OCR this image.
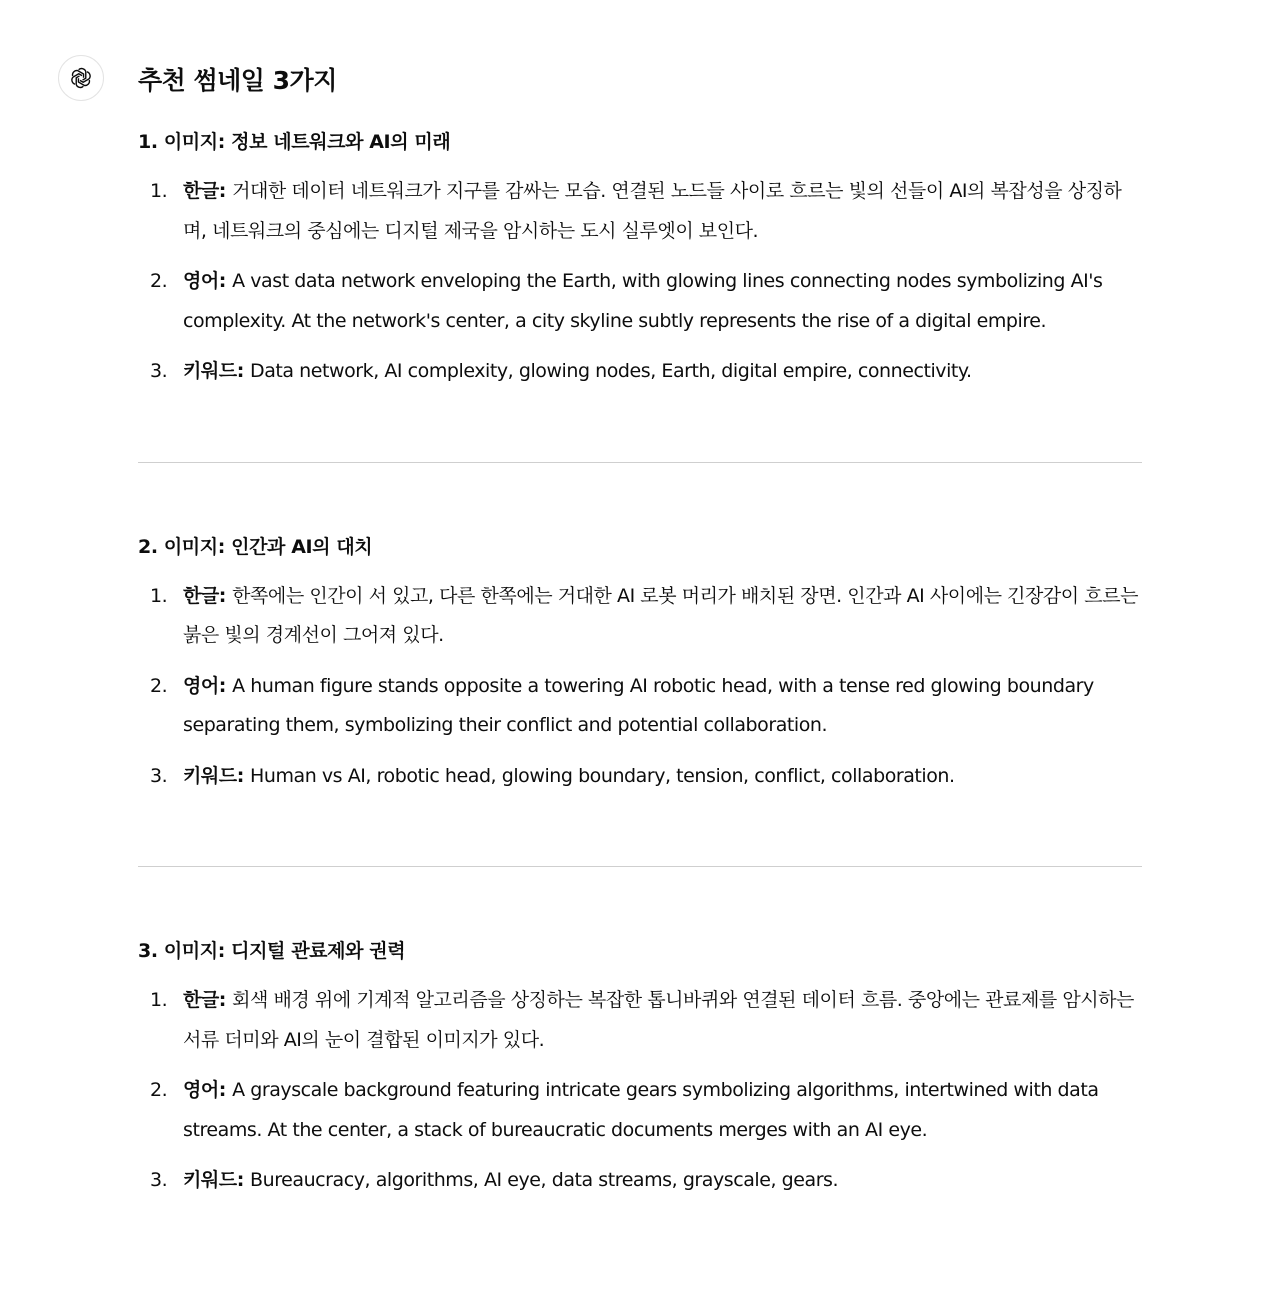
추천 썸네일 3가지
1. 이미지: 정보 네트워크와 AI의 미래
1. 한글: 거대한 데이터 네트워크가 지구를 감싸는 모습. 연결된 노드들 사이로 흐르는 빛의 선들이 AI의 복잡성을 상징하며, 네트워크의 중심에는 디지털 제국을 암시하는 도시 실루엣이 보인다.
2. 영어: A vast data network enveloping the Earth, with glowing lines connecting nodes symbolizing AI's complexity. At the network's center, a city skyline subtly represents the rise of a digital empire.
3. 키워드: Data network, AI complexity, glowing nodes, Earth, digital empire, connectivity.
2. 이미지: 인간과 AI의 대치
1. 한글: 한쪽에는 인간이 서 있고, 다른 한쪽에는 거대한 AI 로봇 머리가 배치된 장면. 인간과 AI 사이에는 긴장감이 흐르는 붉은 빛의 경계선이 그어져 있다.
2. 영어: A human figure stands opposite a towering AI robotic head, with a tense red glowing boundary separating them, symbolizing their conflict and potential collaboration.
3. 키워드: Human vs AI, robotic head, glowing boundary, tension, conflict, collaboration.
3. 이미지: 디지털 관료제와 권력
1. 한글: 회색 배경 위에 기계적 알고리즘을 상징하는 복잡한 톱니바퀴와 연결된 데이터 흐름. 중앙에는 관료제를 암시하는 서류 더미와 AI의 눈이 결합된 이미지가 있다.
2. 영어: A grayscale background featuring intricate gears symbolizing algorithms, intertwined with data streams. At the center, a stack of bureaucratic documents merges with an AI eye.
3. 키워드: Bureaucracy, algorithms, AI eye, data streams, grayscale, gears.
